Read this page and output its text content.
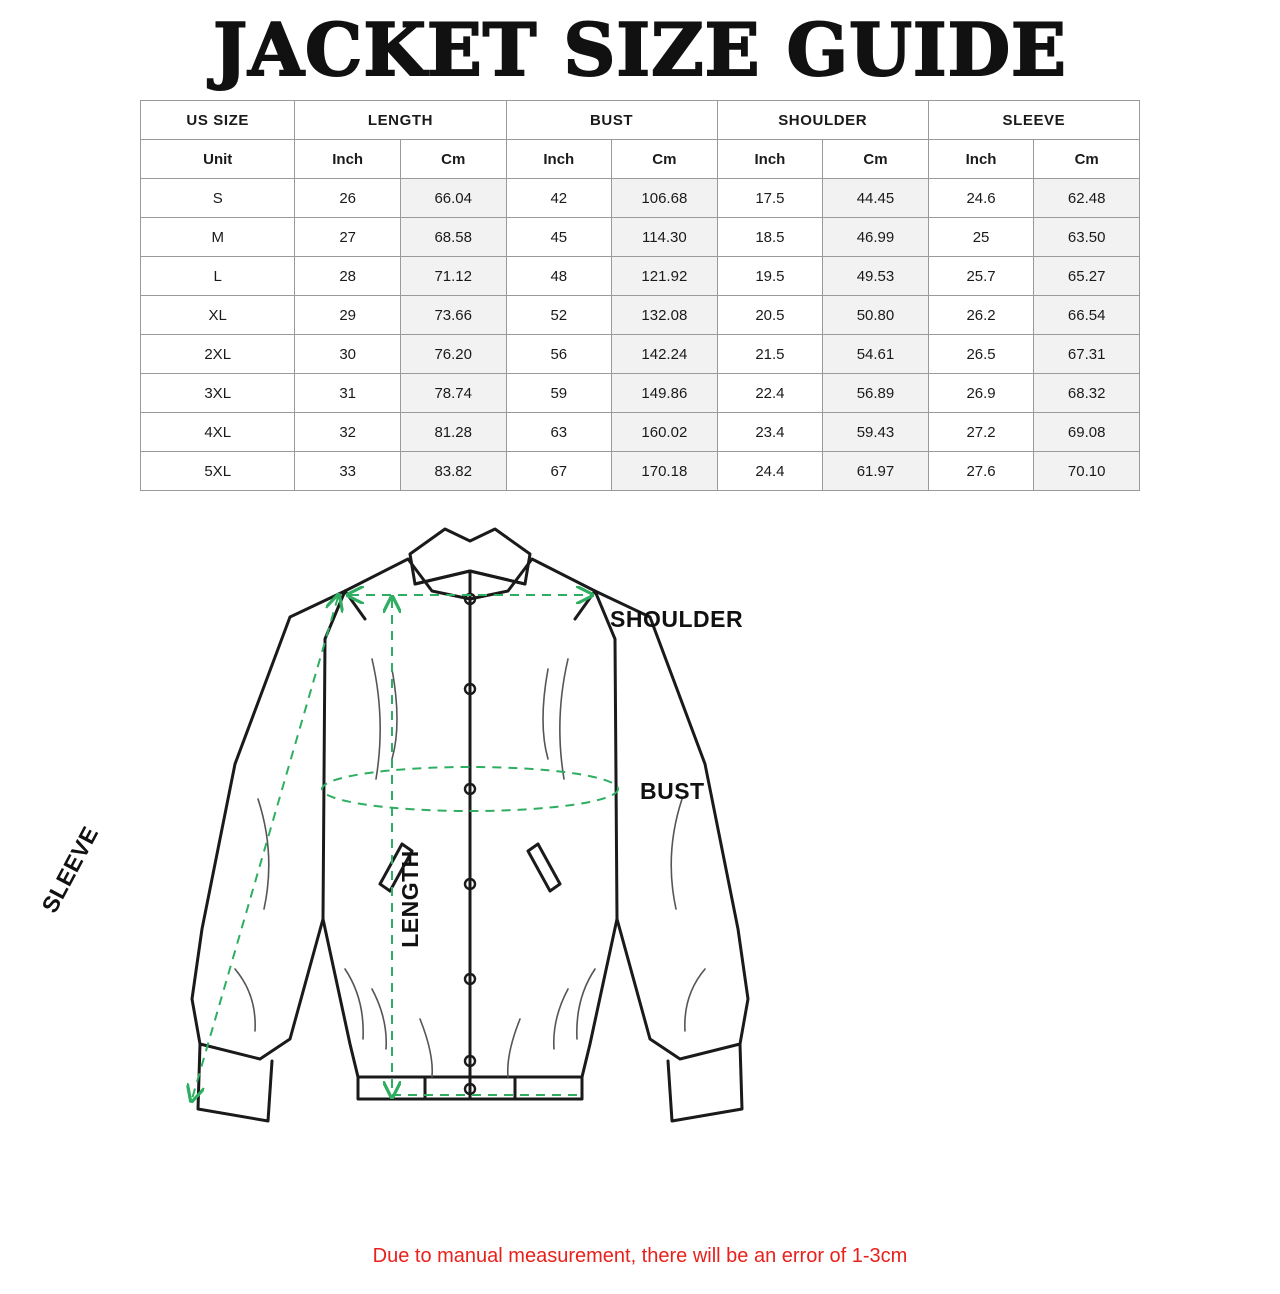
JACKET SIZE GUIDE
US SIZE	LENGTH		BUST		SHOULDER		SLEEVE	
Unit	Inch	Cm	Inch	Cm	Inch	Cm	Inch	Cm
S	26	66.04	42	106.68	17.5	44.45	24.6	62.48
M	27	68.58	45	114.30	18.5	46.99	25	63.50
L	28	71.12	48	121.92	19.5	49.53	25.7	65.27
XL	29	73.66	52	132.08	20.5	50.80	26.2	66.54
2XL	30	76.20	56	142.24	21.5	54.61	26.5	67.31
3XL	31	78.74	59	149.86	22.4	56.89	26.9	68.32
4XL	32	81.28	63	160.02	23.4	59.43	27.2	69.08
5XL	33	83.82	67	170.18	24.4	61.97	27.6	70.10
SHOULDER
LENGTH
BUST
SLEEVE
Due to manual measurement, there will be an error of 1-3cm
